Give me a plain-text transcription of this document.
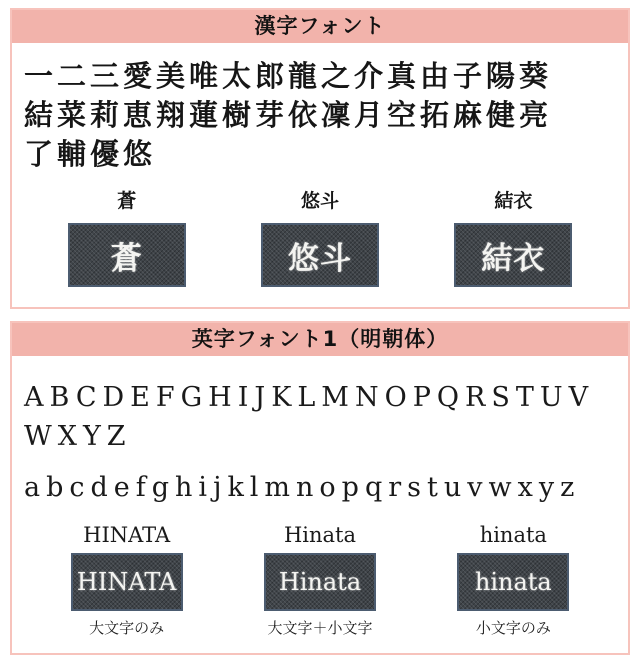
漢字フォント
一二三愛美唯太郎龍之介真由子陽葵
結菜莉恵翔蓮樹芽依凜月空拓麻健亮
了輔優悠
蒼
蒼
悠斗
悠斗
結衣
結衣
英字フォント1（明朝体）
ABCDEFGHIJKLMNOPQRSTUV
WXYZ
abcdefghijklmnopqrstuvwxyz
HINATA
HINATA
大文字のみ
Hinata
Hinata
大文字＋小文字
hinata
hinata
小文字のみ
